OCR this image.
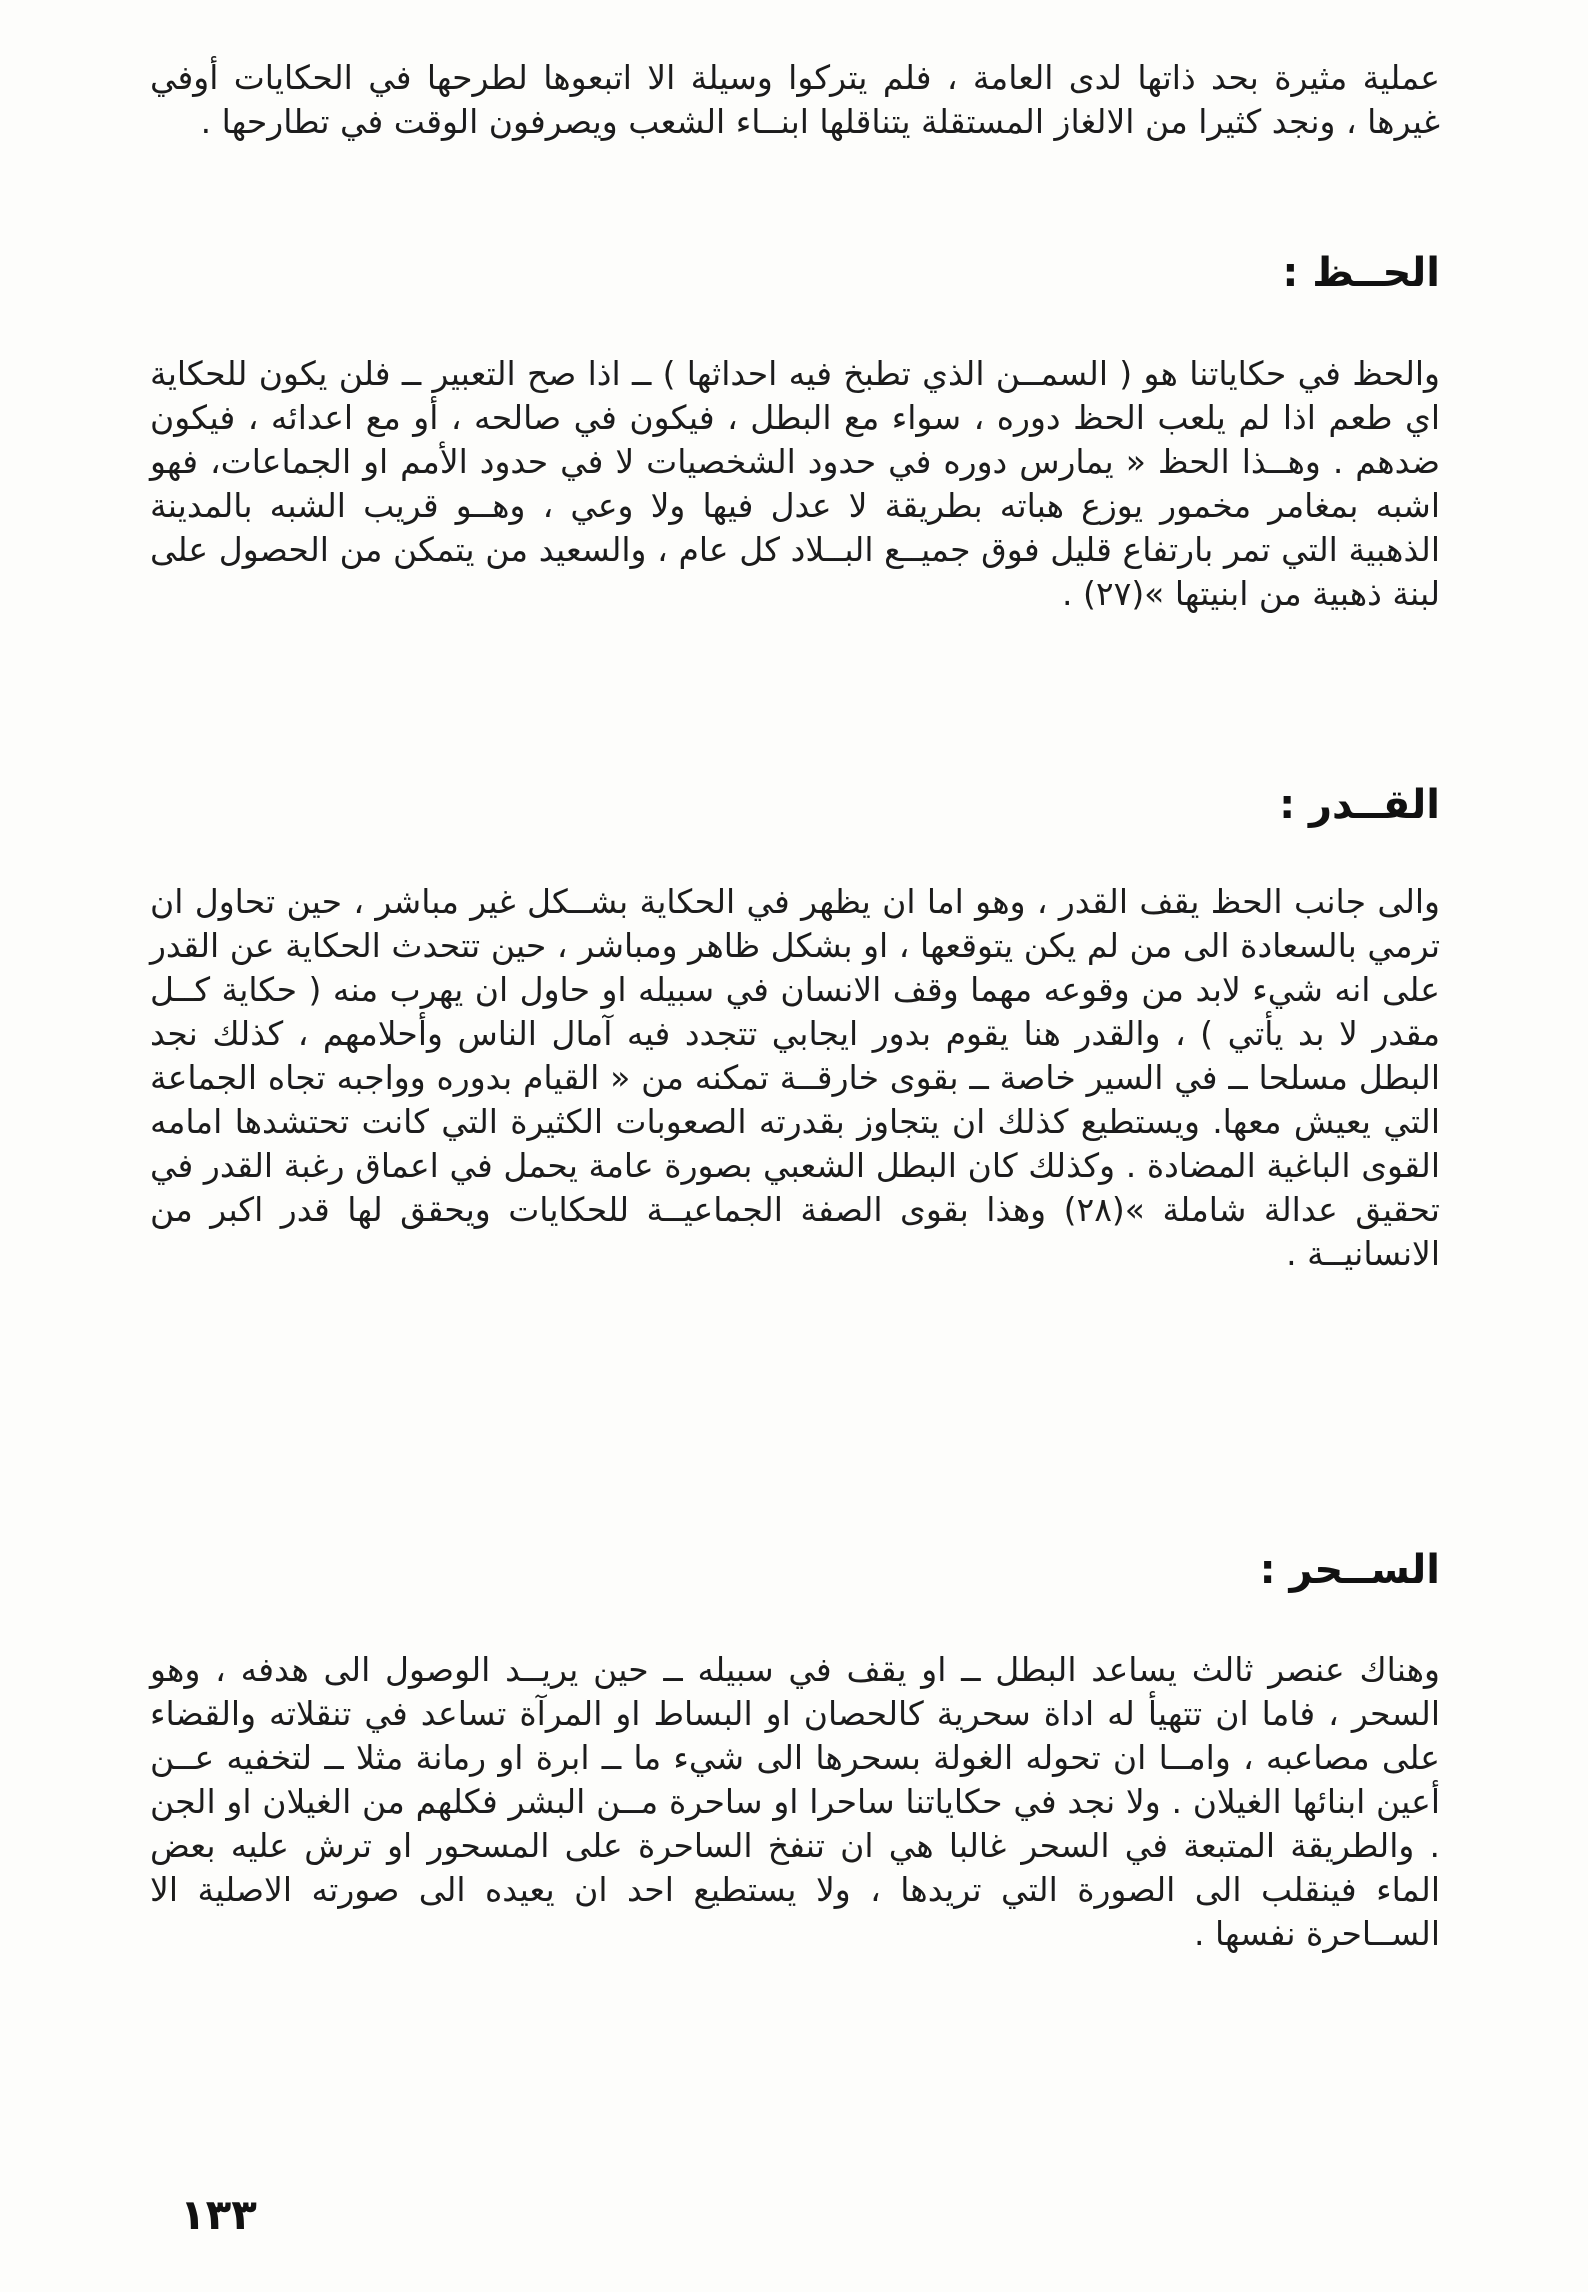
عملية مثيرة بحد ذاتها لدى العامة ، فلم يتركوا وسيلة الا اتبعوها لطرحها في الحكايات أوفي غيرها ، ونجد كثيرا من الالغاز المستقلة يتناقلها ابنــاء الشعب ويصرفون الوقت في تطارحها .

الحــظ :

والحظ في حكاياتنا هو ( السمــن الذي تطبخ فيه احداثها ) ــ اذا صح التعبير ــ فلن يكون للحكاية اي طعم اذا لم يلعب الحظ دوره ، سواء مع البطل ، فيكون في صالحه ، أو مع اعدائه ، فيكون ضدهم . وهــذا الحظ « يمارس دوره في حدود الشخصيات لا في حدود الأمم او الجماعات، فهو اشبه بمغامر مخمور يوزع هباته بطريقة لا عدل فيها ولا وعي ، وهــو قريب الشبه بالمدينة الذهبية التي تمر بارتفاع قليل فوق جميــع البــلاد كل عام ، والسعيد من يتمكن من الحصول على لبنة ذهبية من ابنيتها »(٢٧) .

القــدر :

والى جانب الحظ يقف القدر ، وهو اما ان يظهر في الحكاية بشــكل غير مباشر ، حين تحاول ان ترمي بالسعادة الى من لم يكن يتوقعها ، او بشكل ظاهر ومباشر ، حين تتحدث الحكاية عن القدر على انه شيء لابد من وقوعه مهما وقف الانسان في سبيله او حاول ان يهرب منه ( حكاية كــل مقدر لا بد يأتي ) ، والقدر هنا يقوم بدور ايجابي تتجدد فيه آمال الناس وأحلامهم ، كذلك نجد البطل مسلحا ــ في السير خاصة ــ بقوى خارقــة تمكنه من « القيام بدوره وواجبه تجاه الجماعة التي يعيش معها. ويستطيع كذلك ان يتجاوز بقدرته الصعوبات الكثيرة التي كانت تحتشدها امامه القوى الباغية المضادة . وكذلك كان البطل الشعبي بصورة عامة يحمل في اعماق رغبة القدر في تحقيق عدالة شاملة »(٢٨) وهذا بقوى الصفة الجماعيــة للحكايات ويحقق لها قدر اكبر من الانسانيــة .

الســحر :

وهناك عنصر ثالث يساعد البطل ــ او يقف في سبيله ــ حين يريــد الوصول الى هدفه ، وهو السحر ، فاما ان تتهيأ له اداة سحرية كالحصان او البساط او المرآة تساعد في تنقلاته والقضاء على مصاعبه ، وامــا ان تحوله الغولة بسحرها الى شيء ما ــ ابرة او رمانة مثلا ــ لتخفيه عــن أعين ابنائها الغيلان . ولا نجد في حكاياتنا ساحرا او ساحرة مــن البشر فكلهم من الغيلان او الجن . والطريقة المتبعة في السحر غالبا هي ان تنفخ الساحرة على المسحور او ترش عليه بعض الماء فينقلب الى الصورة التي تريدها ، ولا يستطيع احد ان يعيده الى صورته الاصلية الا الســاحرة نفسها .

١٣٣
